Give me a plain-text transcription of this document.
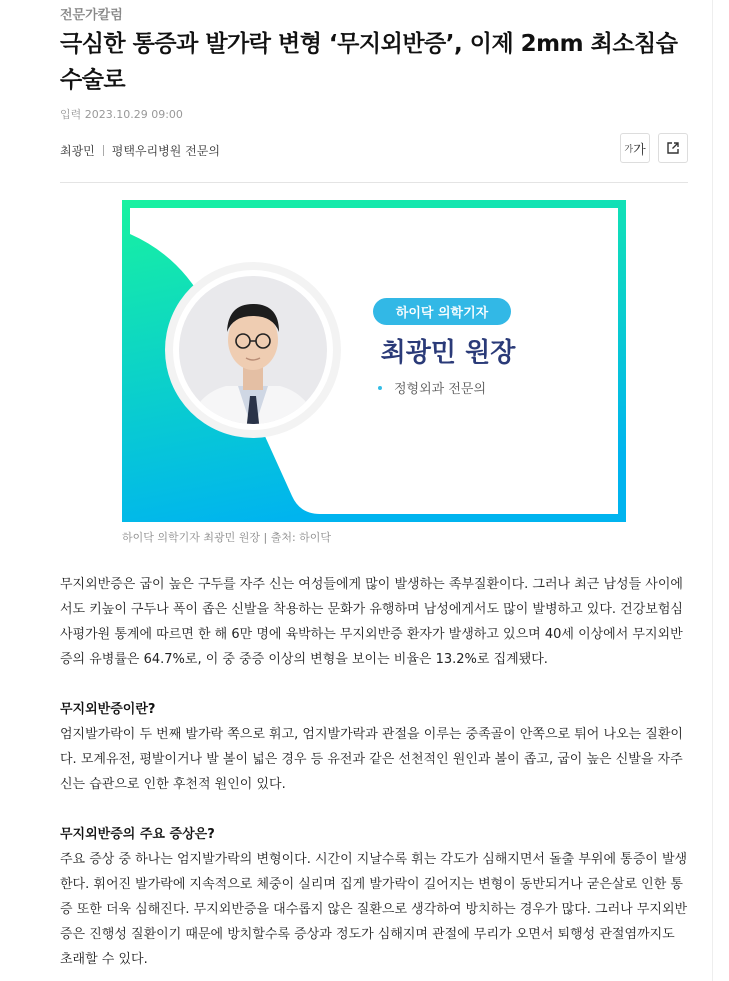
전문가칼럼
극심한 통증과 발가락 변형 ‘무지외반증’, 이제 2mm 최소침습수술로
입력 2023.10.29 09:00
최광민 평택우리병원 전문의	가 가
하이닥 의학기자
최광민 원장
정형외과 전문의
하이닥 의학기자 최광민 원장 | 출처: 하이닥

무지외반증은 굽이 높은 구두를 자주 신는 여성들에게 많이 발생하는 족부질환이다. 그러나 최근 남성들 사이에서도 키높이 구두나 폭이 좁은 신발을 착용하는 문화가 유행하며 남성에게서도 많이 발병하고 있다. 건강보험심사평가원 통계에 따르면 한 해 6만 명에 육박하는 무지외반증 환자가 발생하고 있으며 40세 이상에서 무지외반증의 유병률은 64.7%로, 이 중 중증 이상의 변형을 보이는 비율은 13.2%로 집계됐다.

무지외반증이란?

엄지발가락이 두 번째 발가락 쪽으로 휘고, 엄지발가락과 관절을 이루는 중족골이 안쪽으로 튀어 나오는 질환이다. 모계유전, 평발이거나 발 볼이 넓은 경우 등 유전과 같은 선천적인 원인과 볼이 좁고, 굽이 높은 신발을 자주 신는 습관으로 인한 후천적 원인이 있다.

무지외반증의 주요 증상은?

주요 증상 중 하나는 엄지발가락의 변형이다. 시간이 지날수록 휘는 각도가 심해지면서 돌출 부위에 통증이 발생한다. 휘어진 발가락에 지속적으로 체중이 실리며 집게 발가락이 길어지는 변형이 동반되거나 굳은살로 인한 통증 또한 더욱 심해진다. 무지외반증을 대수롭지 않은 질환으로 생각하여 방치하는 경우가 많다. 그러나 무지외반증은 진행성 질환이기 때문에 방치할수록 증상과 정도가 심해지며 관절에 무리가 오면서 퇴행성 관절염까지도 초래할 수 있다.
